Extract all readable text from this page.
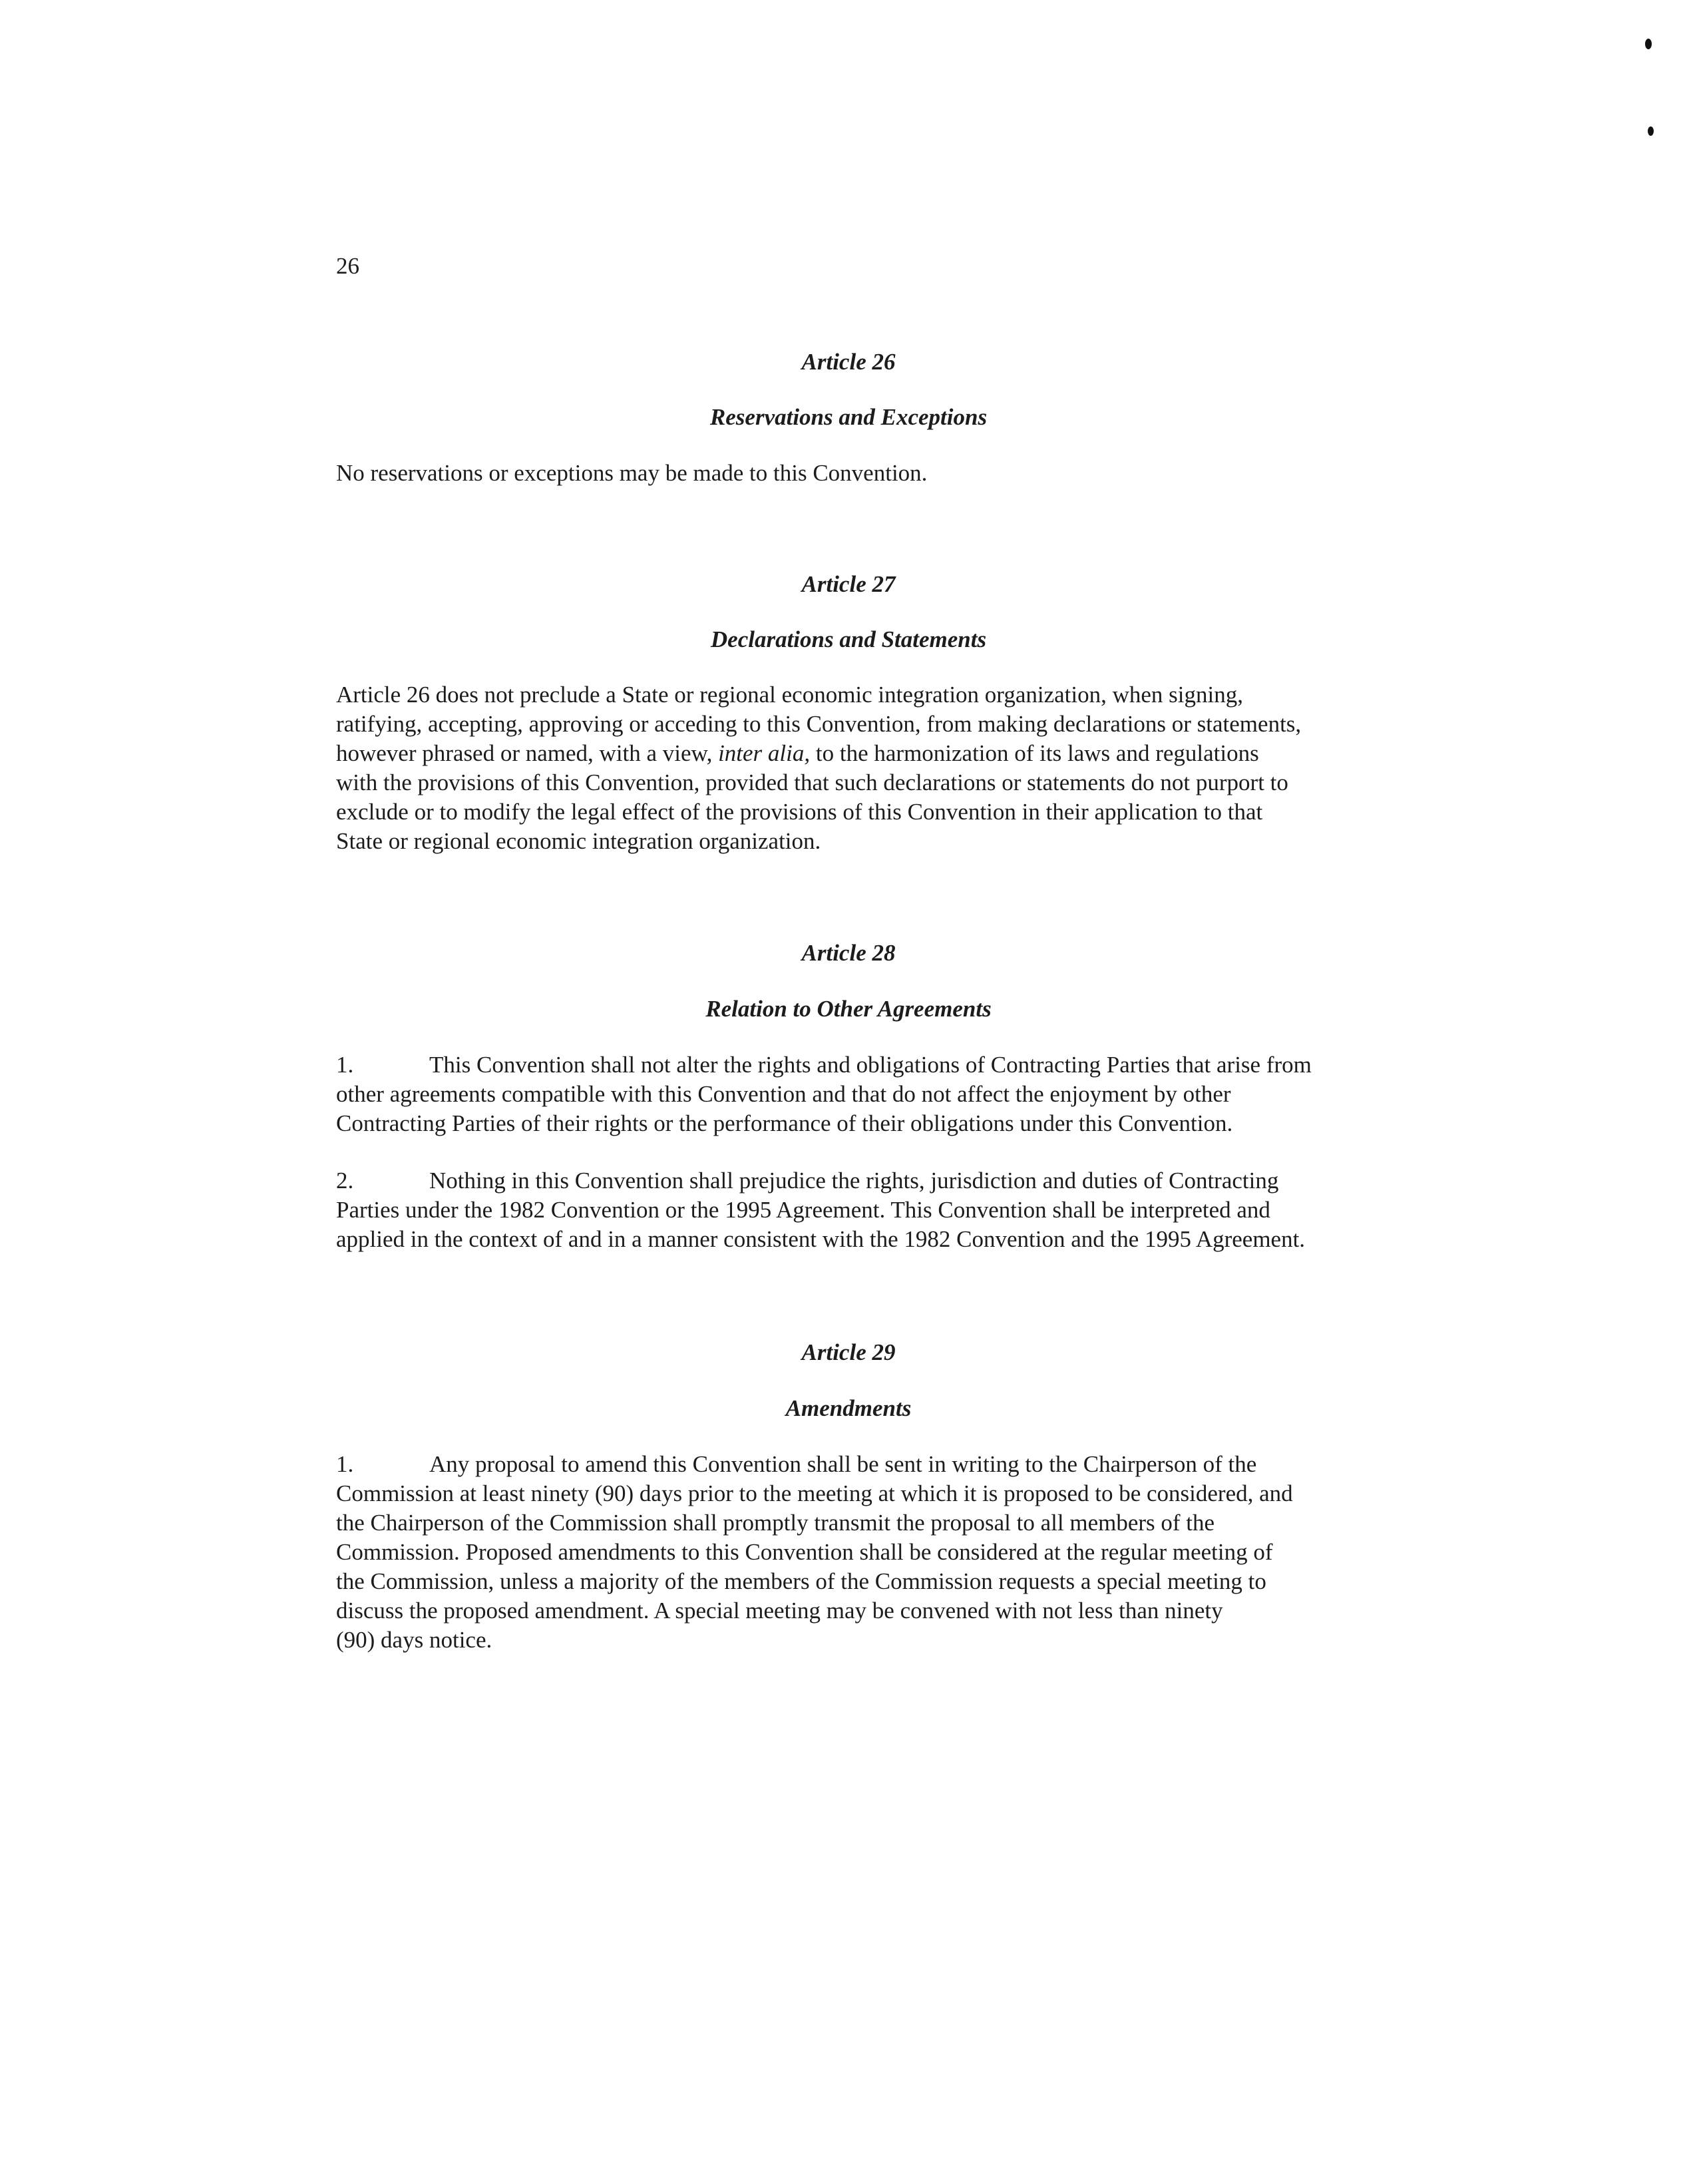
26
Article 26
Reservations and Exceptions

No reservations or exceptions may be made to this Convention.

Article 27
Declarations and Statements

Article 26 does not preclude a State or regional economic integration organization, when signing,
ratifying, accepting, approving or acceding to this Convention, from making declarations or statements,
however phrased or named, with a view, inter alia, to the harmonization of its laws and regulations
with the provisions of this Convention, provided that such declarations or statements do not purport to
exclude or to modify the legal effect of the provisions of this Convention in their application to that
State or regional economic integration organization.

Article 28
Relation to Other Agreements

1.	This Convention shall not alter the rights and obligations of Contracting Parties that arise from
other agreements compatible with this Convention and that do not affect the enjoyment by other
Contracting Parties of their rights or the performance of their obligations under this Convention.

2.	Nothing in this Convention shall prejudice the rights, jurisdiction and duties of Contracting
Parties under the 1982 Convention or the 1995 Agreement. This Convention shall be interpreted and
applied in the context of and in a manner consistent with the 1982 Convention and the 1995 Agreement.

Article 29
Amendments

1.	Any proposal to amend this Convention shall be sent in writing to the Chairperson of the
Commission at least ninety (90) days prior to the meeting at which it is proposed to be considered, and
the Chairperson of the Commission shall promptly transmit the proposal to all members of the
Commission. Proposed amendments to this Convention shall be considered at the regular meeting of
the Commission, unless a majority of the members of the Commission requests a special meeting to
discuss the proposed amendment. A special meeting may be convened with not less than ninety
(90) days notice.
